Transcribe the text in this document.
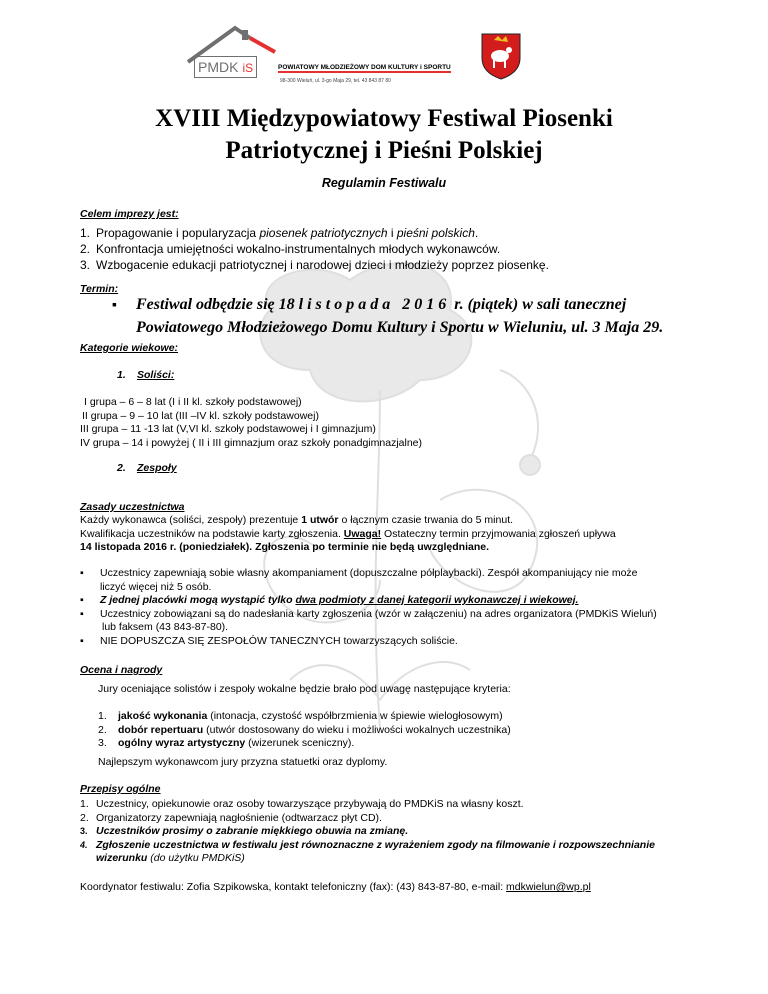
PMDK iS	POWIATOWY MŁODZIEŻOWY DOM KULTURY i SPORTU
98-300 Wieluń, ul. 3-go Maja 29, tel. 43 843 87 80
XVIII Międzypowiatowy Festiwal Piosenki
Patriotycznej i Pieśni Polskiej
Regulamin Festiwalu
Celem imprezy jest:
1. Propagowanie i popularyzacja piosenek patriotycznych i pieśni polskich.
2. Konfrontacja umiejętności wokalno-instrumentalnych młodych wykonawców.
3. Wzbogacenie edukacji patriotycznej i narodowej dzieci i młodzieży poprzez piosenkę.
Termin:
▪ Festiwal odbędzie się 18 listopada 2016 r. (piątek) w sali tanecznej
Powiatowego Młodzieżowego Domu Kultury i Sportu w Wieluniu, ul. 3 Maja 29.
Kategorie wiekowe:
1. Soliści:
I grupa – 6 – 8 lat (I i II kl. szkoły podstawowej)
II grupa – 9 – 10 lat (III –IV kl. szkoły podstawowej)
III grupa – 11 -13 lat (V,VI kl. szkoły podstawowej i I gimnazjum)
IV grupa – 14 i powyżej ( II i III gimnazjum oraz szkoły ponadgimnazjalne)
2. Zespoły
Zasady uczestnictwa
Każdy wykonawca (soliści, zespoły) prezentuje 1 utwór o łącznym czasie trwania do 5 minut.
Kwalifikacja uczestników na podstawie karty zgłoszenia. Uwaga! Ostateczny termin przyjmowania zgłoszeń upływa
14 listopada 2016 r. (poniedziałek). Zgłoszenia po terminie nie będą uwzględniane.
▪ Uczestnicy zapewniają sobie własny akompaniament (dopuszczalne półplaybacki). Zespół akompaniujący nie może
liczyć więcej niż 5 osób.
▪ Z jednej placówki mogą wystąpić tylko dwa podmioty z danej kategorii wykonawczej i wiekowej.
▪ Uczestnicy zobowiązani są do nadesłania karty zgłoszenia (wzór w załączeniu) na adres organizatora (PMDKiS Wieluń)
lub faksem (43 843-87-80).
▪ NIE DOPUSZCZA SIĘ ZESPOŁÓW TANECZNYCH towarzyszących soliście.
Ocena i nagrody
Jury oceniające solistów i zespoły wokalne będzie brało pod uwagę następujące kryteria:
1. jakość wykonania (intonacja, czystość współbrzmienia w śpiewie wielogłosowym)
2. dobór repertuaru (utwór dostosowany do wieku i możliwości wokalnych uczestnika)
3. ogólny wyraz artystyczny (wizerunek sceniczny).
Najlepszym wykonawcom jury przyzna statuetki oraz dyplomy.
Przepisy ogólne
1. Uczestnicy, opiekunowie oraz osoby towarzyszące przybywają do PMDKiS na własny koszt.
2. Organizatorzy zapewniają nagłośnienie (odtwarzacz płyt CD).
3. Uczestników prosimy o zabranie miękkiego obuwia na zmianę.
4. Zgłoszenie uczestnictwa w festiwalu jest równoznaczne z wyrażeniem zgody na filmowanie i rozpowszechnianie
wizerunku (do użytku PMDKiS)
Koordynator festiwalu: Zofia Szpikowska, kontakt telefoniczny (fax): (43) 843-87-80, e-mail: mdkwielun@wp.pl
